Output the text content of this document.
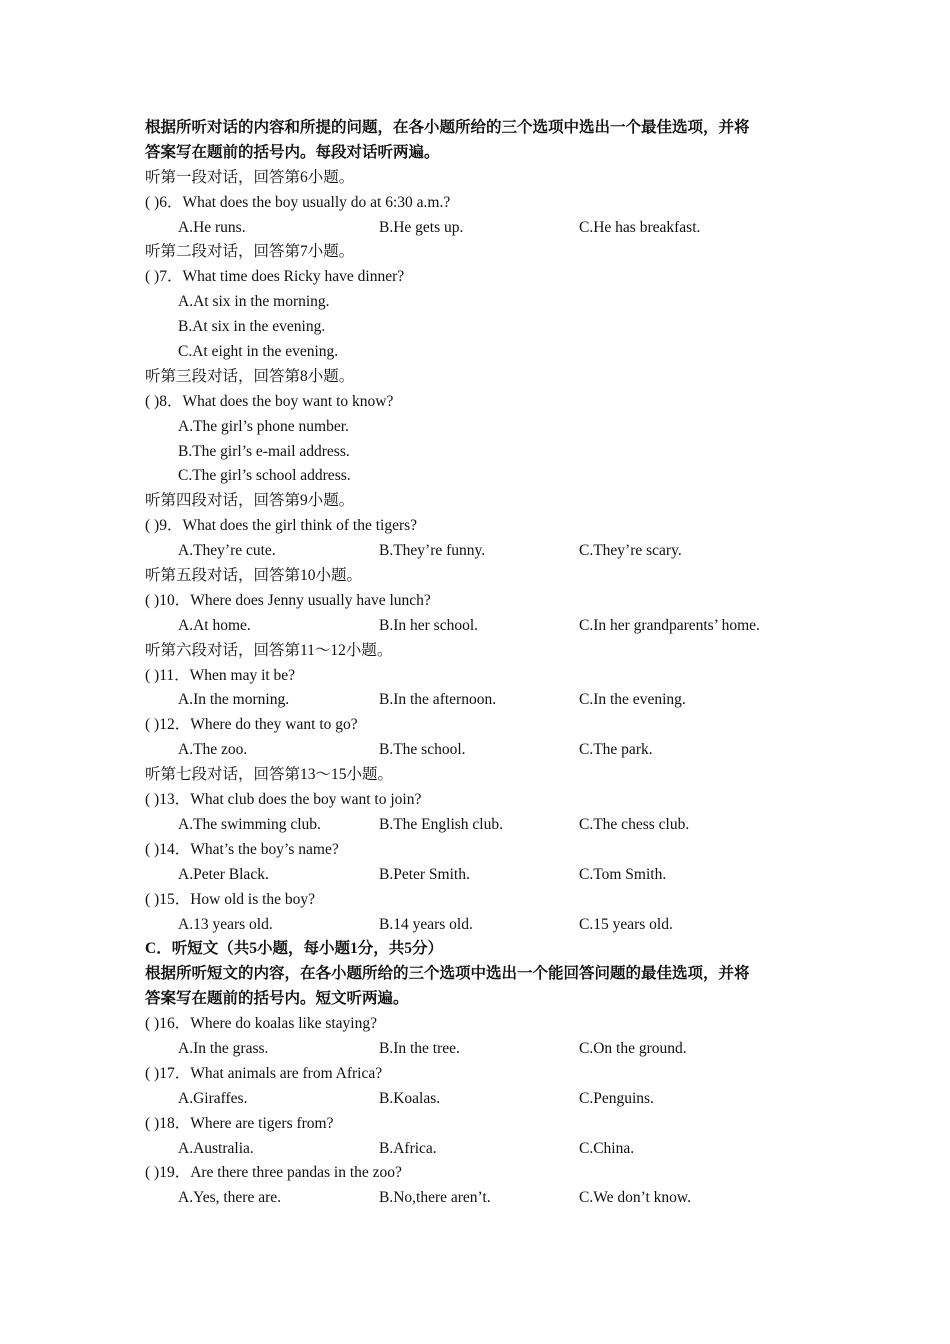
根据所听对话的内容和所提的问题，在各小题所给的三个选项中选出一个最佳选项，并将
答案写在题前的括号内。每段对话听两遍。
听第一段对话，回答第6小题。
( )6．What does the boy usually do at 6:30 a.m.?
A.He runs.	B.He gets up.	C.He has breakfast.
听第二段对话，回答第7小题。
( )7．What time does Ricky have dinner?
A.At six in the morning.
B.At six in the evening.
C.At eight in the evening.
听第三段对话，回答第8小题。
( )8．What does the boy want to know?
A.The girl’s phone number.
B.The girl’s e-mail address.
C.The girl’s school address.
听第四段对话，回答第9小题。
( )9．What does the girl think of the tigers?
A.They’re cute.	B.They’re funny.	C.They’re scary.
听第五段对话，回答第10小题。
( )10．Where does Jenny usually have lunch?
A.At home.	B.In her school.	C.In her grandparents’ home.
听第六段对话，回答第11～12小题。
( )11．When may it be?
A.In the morning.	B.In the afternoon.	C.In the evening.
( )12．Where do they want to go?
A.The zoo.	B.The school.	C.The park.
听第七段对话，回答第13～15小题。
( )13．What club does the boy want to join?
A.The swimming club.	B.The English club.	C.The chess club.
( )14．What’s the boy’s name?
A.Peter Black.	B.Peter Smith.	C.Tom Smith.
( )15．How old is the boy?
A.13 years old.	B.14 years old.	C.15 years old.
C．听短文（共5小题，每小题1分，共5分）
根据所听短文的内容，在各小题所给的三个选项中选出一个能回答问题的最佳选项，并将
答案写在题前的括号内。短文听两遍。
( )16．Where do koalas like staying?
A.In the grass.	B.In the tree.	C.On the ground.
( )17．What animals are from Africa?
A.Giraffes.	B.Koalas.	C.Penguins.
( )18．Where are tigers from?
A.Australia.	B.Africa.	C.China.
( )19．Are there three pandas in the zoo?
A.Yes, there are.	B.No,there aren’t.	C.We don’t know.
